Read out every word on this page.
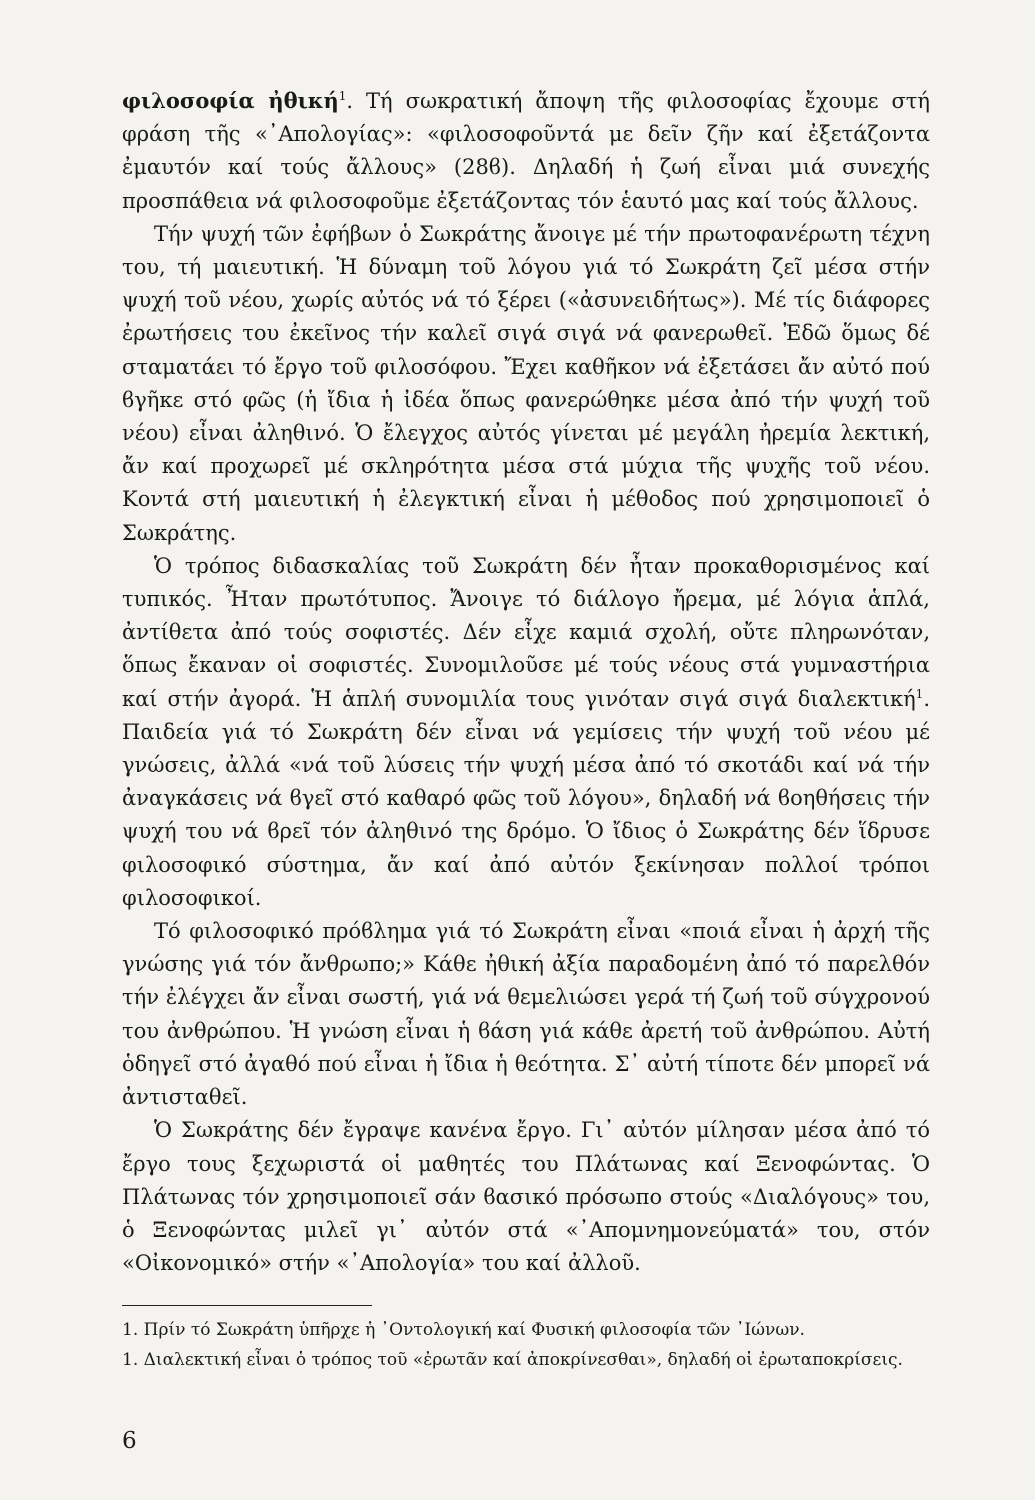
φιλοσοφία ἠθική$^1$. Τή σωκρατική ἄποψη τῆς φιλοσοφίας ἔχουμε στή φράση τῆς «᾿Απολογίας»: «φιλοσοφοῦντά με δεῖν ζῆν καί ἐξετάζοντα ἐμαυτόν καί τούς ἄλλους» (28ϐ). Δηλαδή ἡ ζωή εἶναι μιά συνεχής προσπάθεια νά φιλοσοφοῦμε ἐξετάζοντας τόν ἑαυτό μας καί τούς ἄλλους.

Τήν ψυχή τῶν ἐφήβων ὁ Σωκράτης ἄνοιγε μέ τήν πρωτοφανέρωτη τέχνη του, τή μαιευτική. Ἡ δύναμη τοῦ λόγου γιά τό Σωκράτη ζεῖ μέσα στήν ψυχή τοῦ νέου, χωρίς αὐτός νά τό ξέρει («ἀσυνειδήτως»). Μέ τίς διάφορες ἐρωτήσεις του ἐκεῖνος τήν καλεῖ σιγά σιγά νά φανερωθεῖ. Ἐδῶ ὅμως δέ σταματάει τό ἔργο τοῦ φιλοσόφου. Ἔχει καθῆκον νά ἐξετάσει ἄν αὐτό πού ϐγῆκε στό φῶς (ἡ ἴδια ἡ ἰδέα ὅπως φανερώθηκε μέσα ἀπό τήν ψυχή τοῦ νέου) εἶναι ἀληθινό. Ὁ ἔλεγχος αὐτός γίνεται μέ μεγάλη ἠρεμία λεκτική, ἄν καί προχωρεῖ μέ σκληρότητα μέσα στά μύχια τῆς ψυχῆς τοῦ νέου. Κοντά στή μαιευτική ἡ ἐλεγκτική εἶναι ἡ μέθοδος πού χρησιμοποιεῖ ὁ Σωκράτης.

Ὁ τρόπος διδασκαλίας τοῦ Σωκράτη δέν ἦταν προκαθορισμένος καί τυπικός. Ἦταν πρωτότυπος. Ἄνοιγε τό διάλογο ἤρεμα, μέ λόγια ἁπλά, ἀντίθετα ἀπό τούς σοφιστές. Δέν εἶχε καμιά σχολή, οὔτε πληρωνόταν, ὅπως ἔκαναν οἱ σοφιστές. Συνομιλοῦσε μέ τούς νέους στά γυμναστήρια καί στήν ἀγορά. Ἡ ἁπλή συνομιλία τους γινόταν σιγά σιγά διαλεκτική$^1$. Παιδεία γιά τό Σωκράτη δέν εἶναι νά γεμίσεις τήν ψυχή τοῦ νέου μέ γνώσεις, ἀλλά «νά τοῦ λύσεις τήν ψυχή μέσα ἀπό τό σκοτάδι καί νά τήν ἀναγκάσεις νά ϐγεῖ στό καθαρό φῶς τοῦ λόγου», δηλαδή νά ϐοηθήσεις τήν ψυχή του νά ϐρεῖ τόν ἀληθινό της δρόμο. Ὁ ἴδιος ὁ Σωκράτης δέν ἵδρυσε φιλοσοφικό σύστημα, ἄν καί ἀπό αὐτόν ξεκίνησαν πολλοί τρόποι φιλοσοφικοί.

Τό φιλοσοφικό πρόϐλημα γιά τό Σωκράτη εἶναι «ποιά εἶναι ἡ ἀρχή τῆς γνώσης γιά τόν ἄνθρωπο;» Κάθε ἠθική ἀξία παραδομένη ἀπό τό παρελθόν τήν ἐλέγχει ἄν εἶναι σωστή, γιά νά θεμελιώσει γερά τή ζωή τοῦ σύγχρονού του ἀνθρώπου. Ἡ γνώση εἶναι ἡ ϐάση γιά κάθε ἀρετή τοῦ ἀνθρώπου. Αὐτή ὁδηγεῖ στό ἀγαθό πού εἶναι ἡ ἴδια ἡ θεότητα. Σ᾿ αὐτή τίποτε δέν μπορεῖ νά ἀντισταθεῖ.

Ὁ Σωκράτης δέν ἔγραψε κανένα ἔργο. Γι᾿ αὐτόν μίλησαν μέσα ἀπό τό ἔργο τους ξεχωριστά οἱ μαθητές του Πλάτωνας καί Ξενοφώντας. Ὁ Πλάτωνας τόν χρησιμοποιεῖ σάν ϐασικό πρόσωπο στούς «Διαλόγους» του, ὁ Ξενοφώντας μιλεῖ γι᾿ αὐτόν στά «᾿Απομνημονεύματά» του, στόν «Οἰκονομικό» στήν «᾿Απολογία» του καί ἀλλοῦ.

1. Πρίν τό Σωκράτη ὑπῆρχε ἡ ᾿Οντολογική καί Φυσική φιλοσοφία τῶν ᾿Ιώνων.

1. Διαλεκτική εἶναι ὁ τρόπος τοῦ «ἐρωτᾶν καί ἀποκρίνεσθαι», δηλαδή οἱ ἐρωταποκρίσεις.

6
